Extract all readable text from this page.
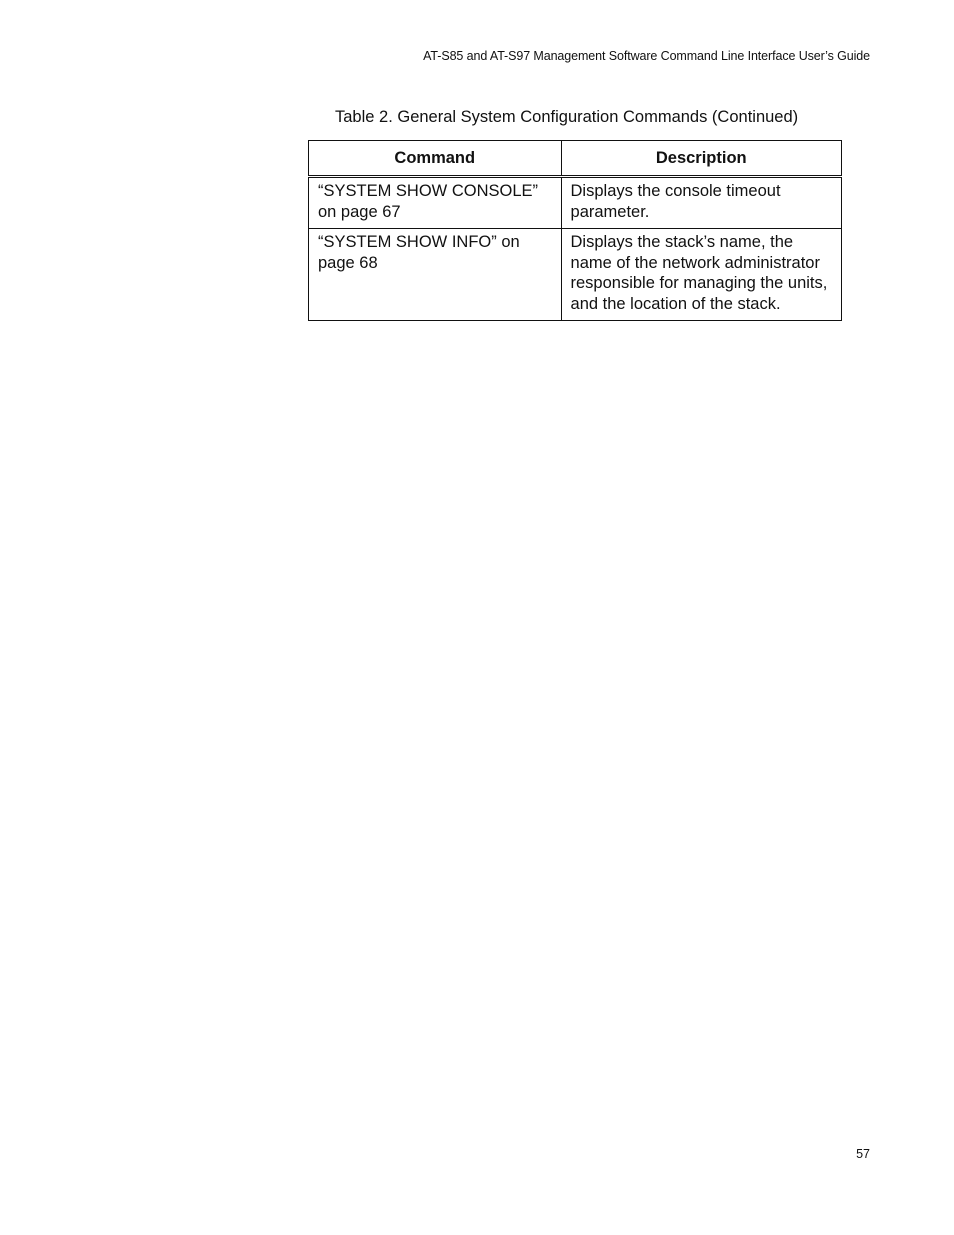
AT-S85 and AT-S97 Management Software Command Line Interface User’s Guide
Table 2. General System Configuration Commands (Continued)
Command	Description
“SYSTEM SHOW CONSOLE” on page 67	Displays the console timeout parameter.
“SYSTEM SHOW INFO” on page 68	Displays the stack’s name, the name of the network administrator responsible for managing the units, and the location of the stack.
57
